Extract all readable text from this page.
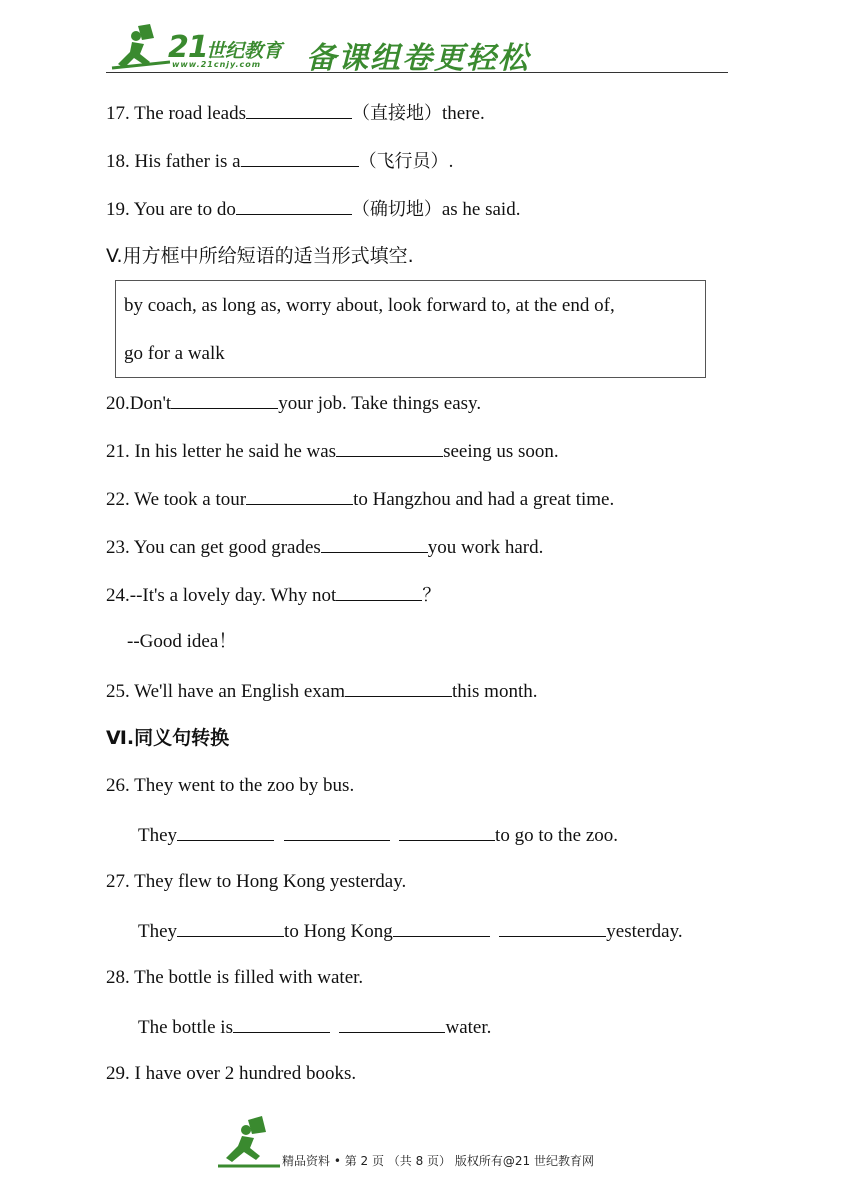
21
世纪教育
www.21cnjy.com 备课组卷更轻松
17. The road leads	（直接地）there.
18. His father is a	（飞行员）.
19. You are to do	（确切地）as he said.
V.用方框中所给短语的适当形式填空.
by coach, as long as, worry about, look forward to, at the end of,
go for a walk
20.Don't	your job. Take things easy.
21. In his letter he said he was	seeing us soon.
22. We took a tour	to Hangzhou and had a great time.
23. You can get good grades	you work hard.
24.--It's a lovely day. Why not	？
--Good idea！
25. We'll have an English exam	this month.
Ⅵ.同义句转换
26. They went to the zoo by bus.
They	to go to the zoo.
27. They flew to Hong Kong yesterday.
They	to Hong Kong	yesterday.
28. The bottle is filled with water.
The bottle is	water.
29. I have over 2 hundred books.
精品资料 • 第 2 页 （共 8 页） 版权所有@21 世纪教育网
